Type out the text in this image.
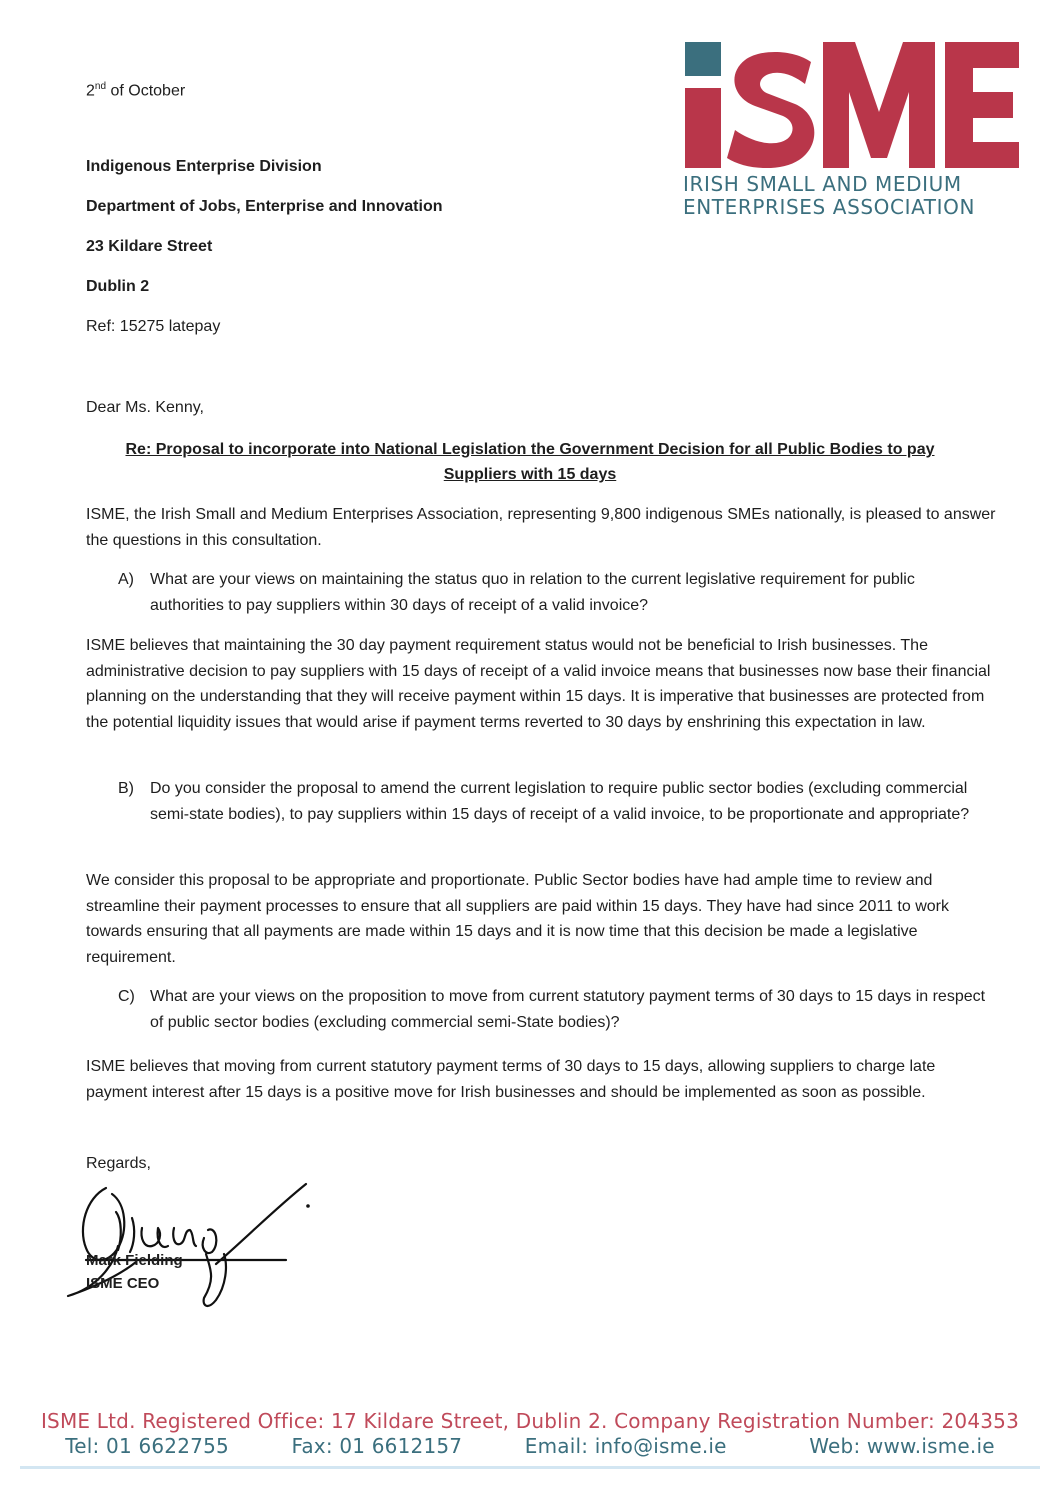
IRISH SMALL AND MEDIUM
ENTERPRISES ASSOCIATION
2nd of October
Indigenous Enterprise Division
Department of Jobs, Enterprise and Innovation
23 Kildare Street
Dublin 2
Ref: 15275 latepay
Dear Ms. Kenny,
Re: Proposal to incorporate into National Legislation the Government Decision for all Public Bodies to pay
Suppliers with 15 days
ISME, the Irish Small and Medium Enterprises Association, representing 9,800 indigenous SMEs nationally, is pleased to answer the questions in this consultation.
A)	What are your views on maintaining the status quo in relation to the current legislative requirement for public authorities to pay suppliers within 30 days of receipt of a valid invoice?
ISME believes that maintaining the 30 day payment requirement status would not be beneficial to Irish businesses. The administrative decision to pay suppliers with 15 days of receipt of a valid invoice means that businesses now base their financial planning on the understanding that they will receive payment within 15 days. It is imperative that businesses are protected from the potential liquidity issues that would arise if payment terms reverted to 30 days by enshrining this expectation in law.
B)	Do you consider the proposal to amend the current legislation to require public sector bodies (excluding commercial semi-state bodies), to pay suppliers within 15 days of receipt of a valid invoice, to be proportionate and appropriate?
We consider this proposal to be appropriate and proportionate. Public Sector bodies have had ample time to review and streamline their payment processes to ensure that all suppliers are paid within 15 days. They have had since 2011 to work towards ensuring that all payments are made within 15 days and it is now time that this decision be made a legislative requirement.
C) What are your views on the proposition to move from current statutory payment terms of 30 days to 15 days in respect of public sector bodies (excluding commercial semi-State bodies)?
ISME believes that moving from current statutory payment terms of 30 days to 15 days, allowing suppliers to charge late payment interest after 15 days is a positive move for Irish businesses and should be implemented as soon as possible.
Regards,
Mark Fielding
ISME CEO
ISME Ltd. Registered Office: 17 Kildare Street, Dublin 2. Company Registration Number: 204353
Tel: 01 6622755	Fax: 01 6612157	Email: info@isme.ie	Web: www.isme.ie
